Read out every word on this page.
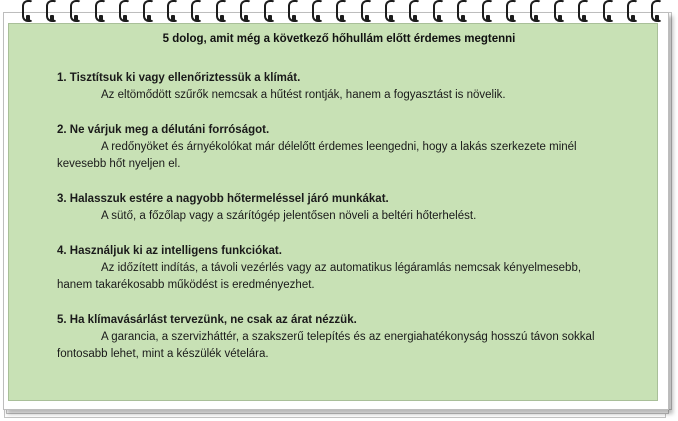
5 dolog, amit még a következő hőhullám előtt érdemes megtenni
1. Tisztítsuk ki vagy ellenőriztessük a klímát.
Az eltömődött szűrők nemcsak a hűtést rontják, hanem a fogyasztást is növelik.
2. Ne várjuk meg a délutáni forróságot.
A redőnyöket és árnyékolókat már délelőtt érdemes leengedni, hogy a lakás szerkezete minél kevesebb hőt nyeljen el.
3. Halasszuk estére a nagyobb hőtermeléssel járó munkákat.
A sütő, a főzőlap vagy a szárítógép jelentősen növeli a beltéri hőterhelést.
4. Használjuk ki az intelligens funkciókat.
Az időzített indítás, a távoli vezérlés vagy az automatikus légáramlás nemcsak kényelmesebb, hanem takarékosabb működést is eredményezhet.
5. Ha klímavásárlást tervezünk, ne csak az árat nézzük.
A garancia, a szervizháttér, a szakszerű telepítés és az energiahatékonyság hosszú távon sokkal fontosabb lehet, mint a készülék vételára.
